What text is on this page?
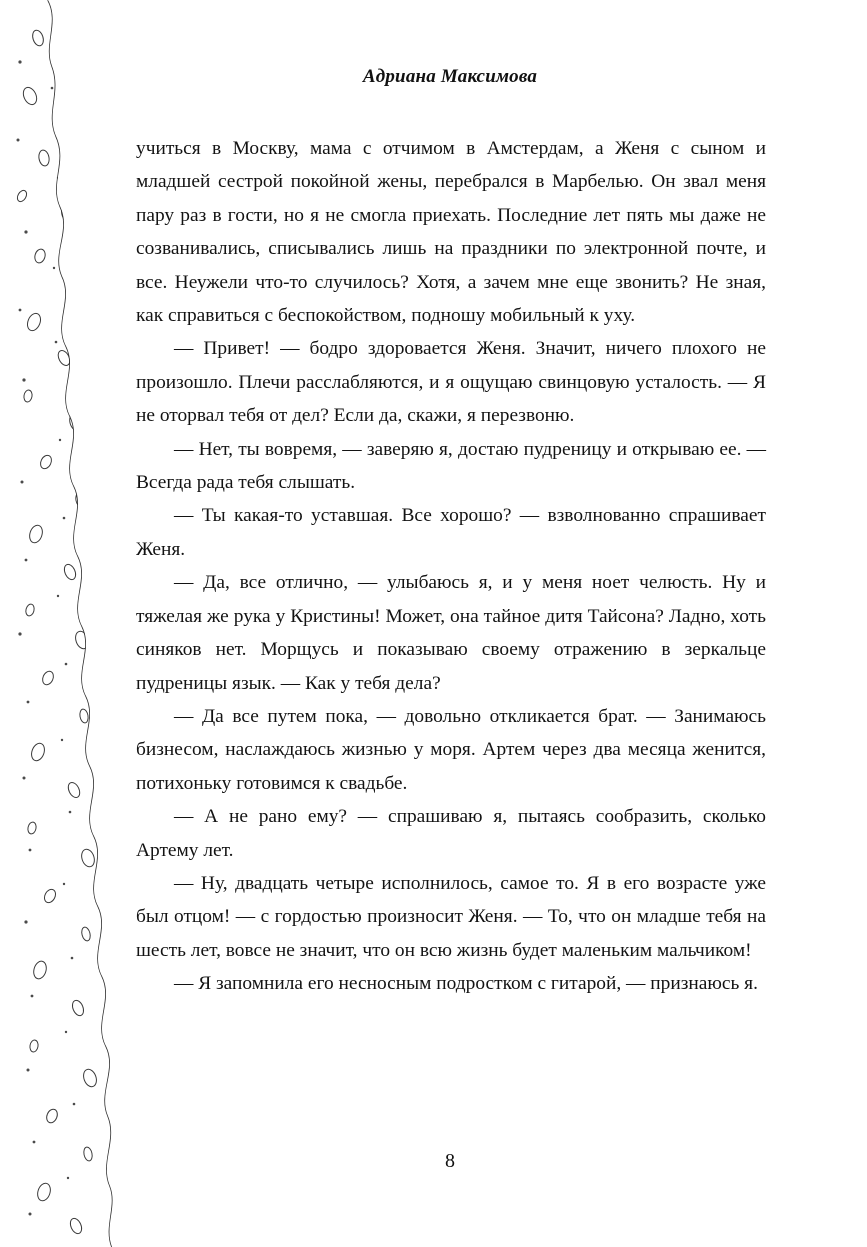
Адриана Максимова

учиться в Москву, мама с отчимом в Амстердам, а Женя с сыном и младшей сестрой покойной жены, перебрался в Марбелью. Он звал меня пару раз в гости, но я не смогла приехать. Последние лет пять мы даже не созванивались, списывались лишь на праздники по электронной почте, и все. Неужели что-то случилось? Хотя, а зачем мне еще звонить? Не зная, как справиться с беспокойством, подношу мобильный к уху.

— Привет! — бодро здоровается Женя. Значит, ничего плохого не произошло. Плечи расслабляются, и я ощущаю свинцовую усталость. — Я не оторвал тебя от дел? Если да, скажи, я перезвоню.

— Нет, ты вовремя, — заверяю я, достаю пудреницу и открываю ее. — Всегда рада тебя слышать.

— Ты какая-то уставшая. Все хорошо? — взволнованно спрашивает Женя.

— Да, все отлично, — улыбаюсь я, и у меня ноет челюсть. Ну и тяжелая же рука у Кристины! Может, она тайное дитя Тайсона? Ладно, хоть синяков нет. Морщусь и показываю своему отражению в зеркальце пудреницы язык. — Как у тебя дела?

— Да все путем пока, — довольно откликается брат. — Занимаюсь бизнесом, наслаждаюсь жизнью у моря. Артем через два месяца женится, потихоньку готовимся к свадьбе.

— А не рано ему? — спрашиваю я, пытаясь сообразить, сколько Артему лет.

— Ну, двадцать четыре исполнилось, самое то. Я в его возрасте уже был отцом! — с гордостью произносит Женя. — То, что он младше тебя на шесть лет, вовсе не значит, что он всю жизнь будет маленьким мальчиком!

— Я запомнила его несносным подростком с гитарой, — признаюсь я.

8
